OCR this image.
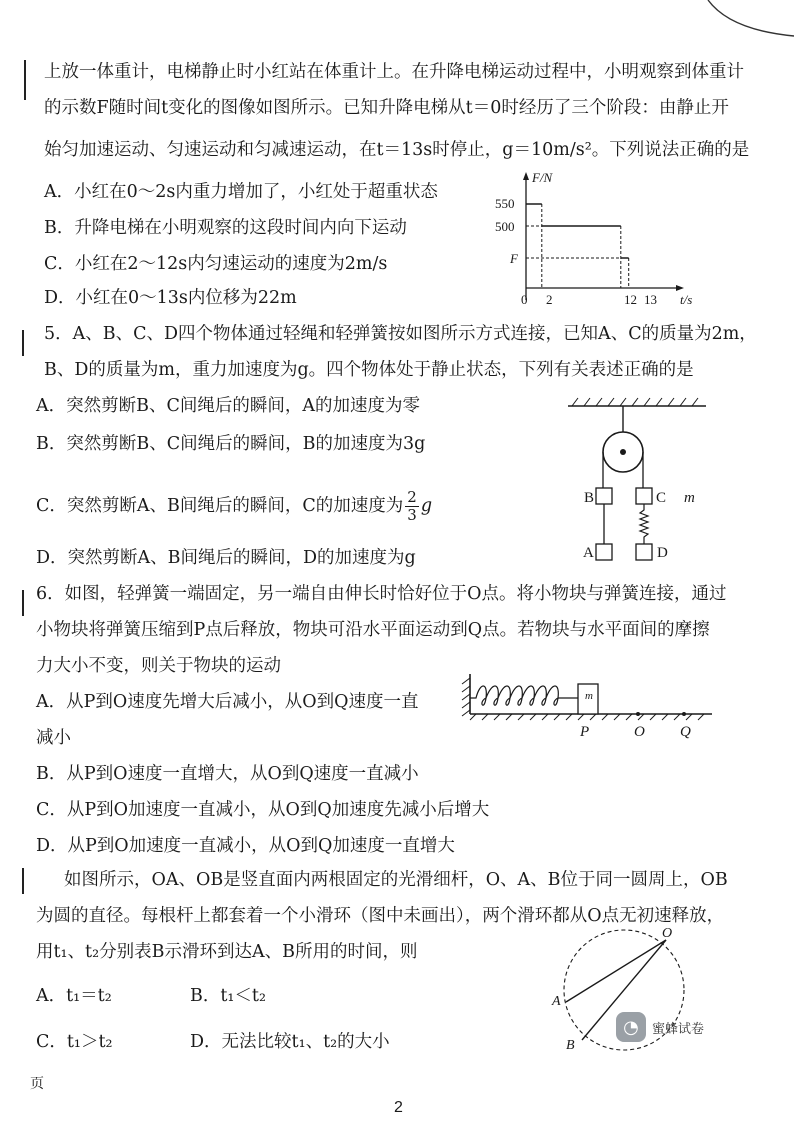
上放一体重计，电梯静止时小红站在体重计上。在升降电梯运动过程中，小明观察到体重计
的示数F随时间t变化的图像如图所示。已知升降电梯从t＝0时经历了三个阶段：由静止开
始匀加速运动、匀速运动和匀减速运动，在t＝13s时停止，g＝10m/s²。下列说法正确的是
A．小红在0～2s内重力增加了，小红处于超重状态
B．升降电梯在小明观察的这段时间内向下运动
C．小红在2～12s内匀速运动的速度为2m/s
D．小红在0～13s内位移为22m
F/N
t/s
550
500
F
0 2	12 13
5．A、B、C、D四个物体通过轻绳和轻弹簧按如图所示方式连接，已知A、C的质量为2m，
B、D的质量为m，重力加速度为g。四个物体处于静止状态，下列有关表述正确的是
A．突然剪断B、C间绳后的瞬间，A的加速度为零
B．突然剪断B、C间绳后的瞬间，B的加速度为3g
C．突然剪断A、B间绳后的瞬间，C的加速度为 $\frac{2}{3}$ g
D．突然剪断A、B间绳后的瞬间，D的加速度为g
B	C m
A	D
6．如图，轻弹簧一端固定，另一端自由伸长时恰好位于O点。将小物块与弹簧连接，通过
小物块将弹簧压缩到P点后释放，物块可沿水平面运动到Q点。若物块与水平面间的摩擦
力大小不变，则关于物块的运动
A．从P到O速度先增大后减小，从O到Q速度一直
减小
B．从P到O速度一直增大，从O到Q速度一直减小
C．从P到O加速度一直减小，从O到Q加速度先减小后增大
D．从P到O加速度一直减小，从O到Q加速度一直增大
m
P	O Q
如图所示，OA、OB是竖直面内两根固定的光滑细杆，O、A、B位于同一圆周上，OB
为圆的直径。每根杆上都套着一个小滑环（图中未画出），两个滑环都从O点无初速释放，
用t₁、t₂分别表B示滑环到达A、B所用的时间，则
A．t₁＝t₂	B．t₁＜t₂
C．t₁＞t₂	D．无法比较t₁、t₂的大小
O
A
B
◔	蜜蜂试卷
页
2
